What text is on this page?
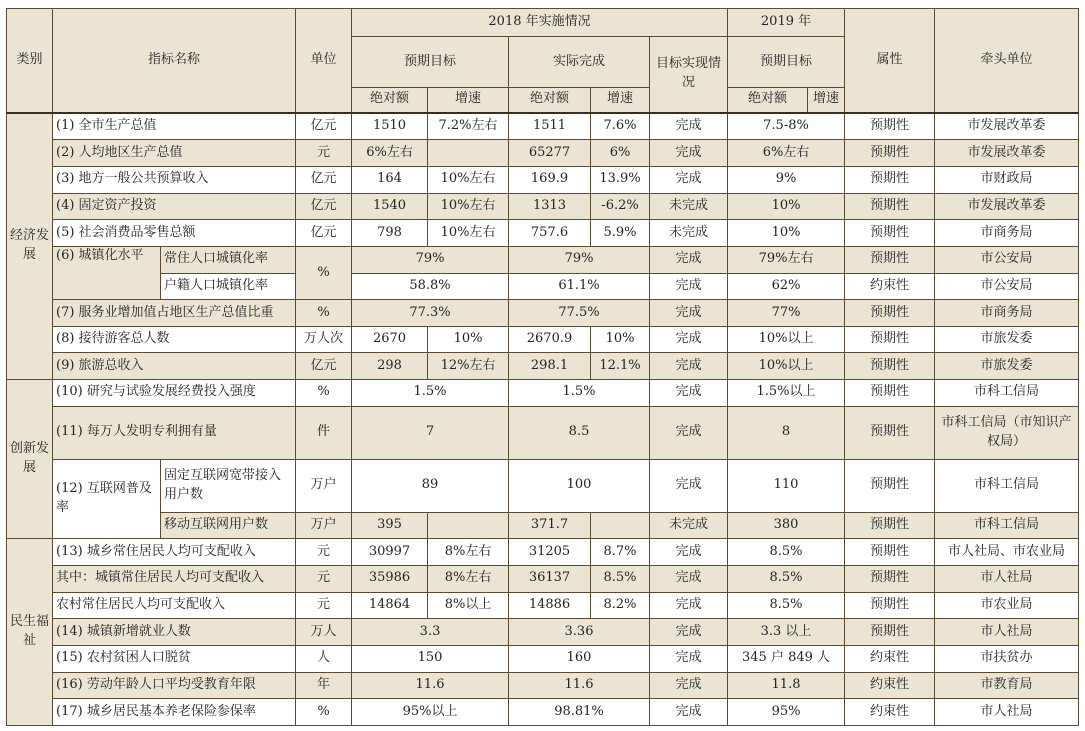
类别	指标名称		单位	2018 年实施情况					2019 年		属性	牵头单位
				预期目标		实际完成		目标实现情况	预期目标			
				绝对额	增速	绝对额	增速		绝对额	增速		
经济发展	(1) 全市生产总值		亿元	1510	7.2%左右	1511	7.6%	完成	7.5-8%		预期性	市发展改革委
	(2) 人均地区生产总值		元	6%左右		65277	6%	完成	6%左右		预期性	市发展改革委
	(3) 地方一般公共预算收入		亿元	164	10%左右	169.9	13.9%	完成	9%		预期性	市财政局
	(4) 固定资产投资		亿元	1540	10%左右	1313	-6.2%	未完成	10%		预期性	市发展改革委
	(5) 社会消费品零售总额		亿元	798	10%左右	757.6	5.9%	未完成	10%		预期性	市商务局
	(6) 城镇化水平	常住人口城镇化率	%	79%		79%		完成	79%左右		预期性	市公安局
		户籍人口城镇化率		58.8%		61.1%		完成	62%		约束性	市公安局
	(7) 服务业增加值占地区生产总值比重		%	77.3%		77.5%		完成	77%		预期性	市商务局
	(8) 接待游客总人数		万人次	2670	10%	2670.9	10%	完成	10%以上		预期性	市旅发委
	(9) 旅游总收入		亿元	298	12%左右	298.1	12.1%	完成	10%以上		预期性	市旅发委
创新发展	(10) 研究与试验发展经费投入强度		%	1.5%		1.5%		完成	1.5%以上		预期性	市科工信局
	(11) 每万人发明专利拥有量		件	7		8.5		完成	8		预期性	市科工信局（市知识产权局）
	(12) 互联网普及率	固定互联网宽带接入用户数	万户	89		100		完成	110		预期性	市科工信局
		移动互联网用户数	万户	395		371.7		未完成	380		预期性	市科工信局
民生福祉	(13) 城乡常住居民人均可支配收入		元	30997	8%左右	31205	8.7%	完成	8.5%		预期性	市人社局、市农业局
	其中：城镇常住居民人均可支配收入		元	35986	8%左右	36137	8.5%	完成	8.5%		预期性	市人社局
	农村常住居民人均可支配收入		元	14864	8%以上	14886	8.2%	完成	8.5%		预期性	市农业局
	(14) 城镇新增就业人数		万人	3.3		3.36		完成	3.3 以上		预期性	市人社局
	(15) 农村贫困人口脱贫		人	150		160		完成	345 户 849 人		约束性	市扶贫办
	(16) 劳动年龄人口平均受教育年限		年	11.6		11.6		完成	11.8		约束性	市教育局
	(17) 城乡居民基本养老保险参保率		%	95%以上		98.81%		完成	95%		约束性	市人社局
